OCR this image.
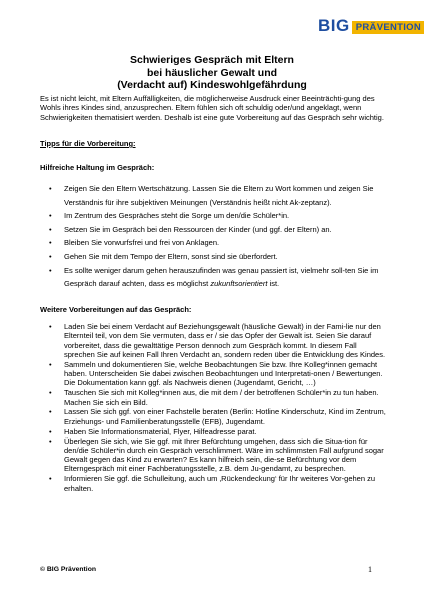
BIG PRÄVENTION
Schwieriges Gespräch mit Eltern
bei häuslicher Gewalt und
(Verdacht auf) Kindeswohlgefährdung

Es ist nicht leicht, mit Eltern Auffälligkeiten, die möglicherweise Ausdruck einer Beeinträchti-gung des Wohls ihres Kindes sind, anzusprechen. Eltern fühlen sich oft schuldig oder/und angeklagt, wenn Schwierigkeiten thematisiert werden. Deshalb ist eine gute Vorbereitung auf das Gespräch sehr wichtig.

Tipps für die Vorbereitung:

Hilfreiche Haltung im Gespräch:

• Zeigen Sie den Eltern Wertschätzung. Lassen Sie die Eltern zu Wort kommen und zeigen Sie Verständnis für ihre subjektiven Meinungen (Verständnis heißt nicht Ak-zeptanz).
• Im Zentrum des Gespräches steht die Sorge um den/die Schüler*in.
• Setzen Sie im Gespräch bei den Ressourcen der Kinder (und ggf. der Eltern) an.
• Bleiben Sie vorwurfsfrei und frei von Anklagen.
• Gehen Sie mit dem Tempo der Eltern, sonst sind sie überfordert.
• Es sollte weniger darum gehen herauszufinden was genau passiert ist, vielmehr soll-ten Sie im Gespräch darauf achten, dass es möglichst zukunftsorientiert ist.

Weitere Vorbereitungen auf das Gespräch:

• Laden Sie bei einem Verdacht auf Beziehungsgewalt (häusliche Gewalt) in der Fami-lie nur den Elternteil teil, von dem Sie vermuten, dass er / sie das Opfer der Gewalt ist. Seien Sie darauf vorbereitet, dass die gewalttätige Person dennoch zum Gespräch kommt. In diesem Fall sprechen Sie auf keinen Fall Ihren Verdacht an, sondern reden über die Entwicklung des Kindes.
• Sammeln und dokumentieren Sie, welche Beobachtungen Sie bzw. Ihre Kolleg*innen gemacht haben. Unterscheiden Sie dabei zwischen Beobachtungen und Interpretati-onen / Bewertungen. Die Dokumentation kann ggf. als Nachweis dienen (Jugendamt, Gericht, …)
• Tauschen Sie sich mit Kolleg*innen aus, die mit dem / der betroffenen Schüler*in zu tun haben. Machen Sie sich ein Bild.
• Lassen Sie sich ggf. von einer Fachstelle beraten (Berlin: Hotline Kinderschutz, Kind im Zentrum, Erziehungs- und Familienberatungsstelle (EFB), Jugendamt.
• Haben Sie Informationsmaterial, Flyer, Hilfeadresse parat.
• Überlegen Sie sich, wie Sie ggf. mit Ihrer Befürchtung umgehen, dass sich die Situa-tion für den/die Schüler*in durch ein Gespräch verschlimmert. Wäre im schlimmsten Fall aufgrund sogar Gewalt gegen das Kind zu erwarten? Es kann hilfreich sein, die-se Befürchtung vor dem Elterngespräch mit einer Fachberatungsstelle, z.B. dem Ju-gendamt, zu besprechen.
• Informieren Sie ggf. die Schulleitung, auch um ‚Rückendeckung‘ für Ihr weiteres Vor-gehen zu erhalten.

© BIG Prävention	1
